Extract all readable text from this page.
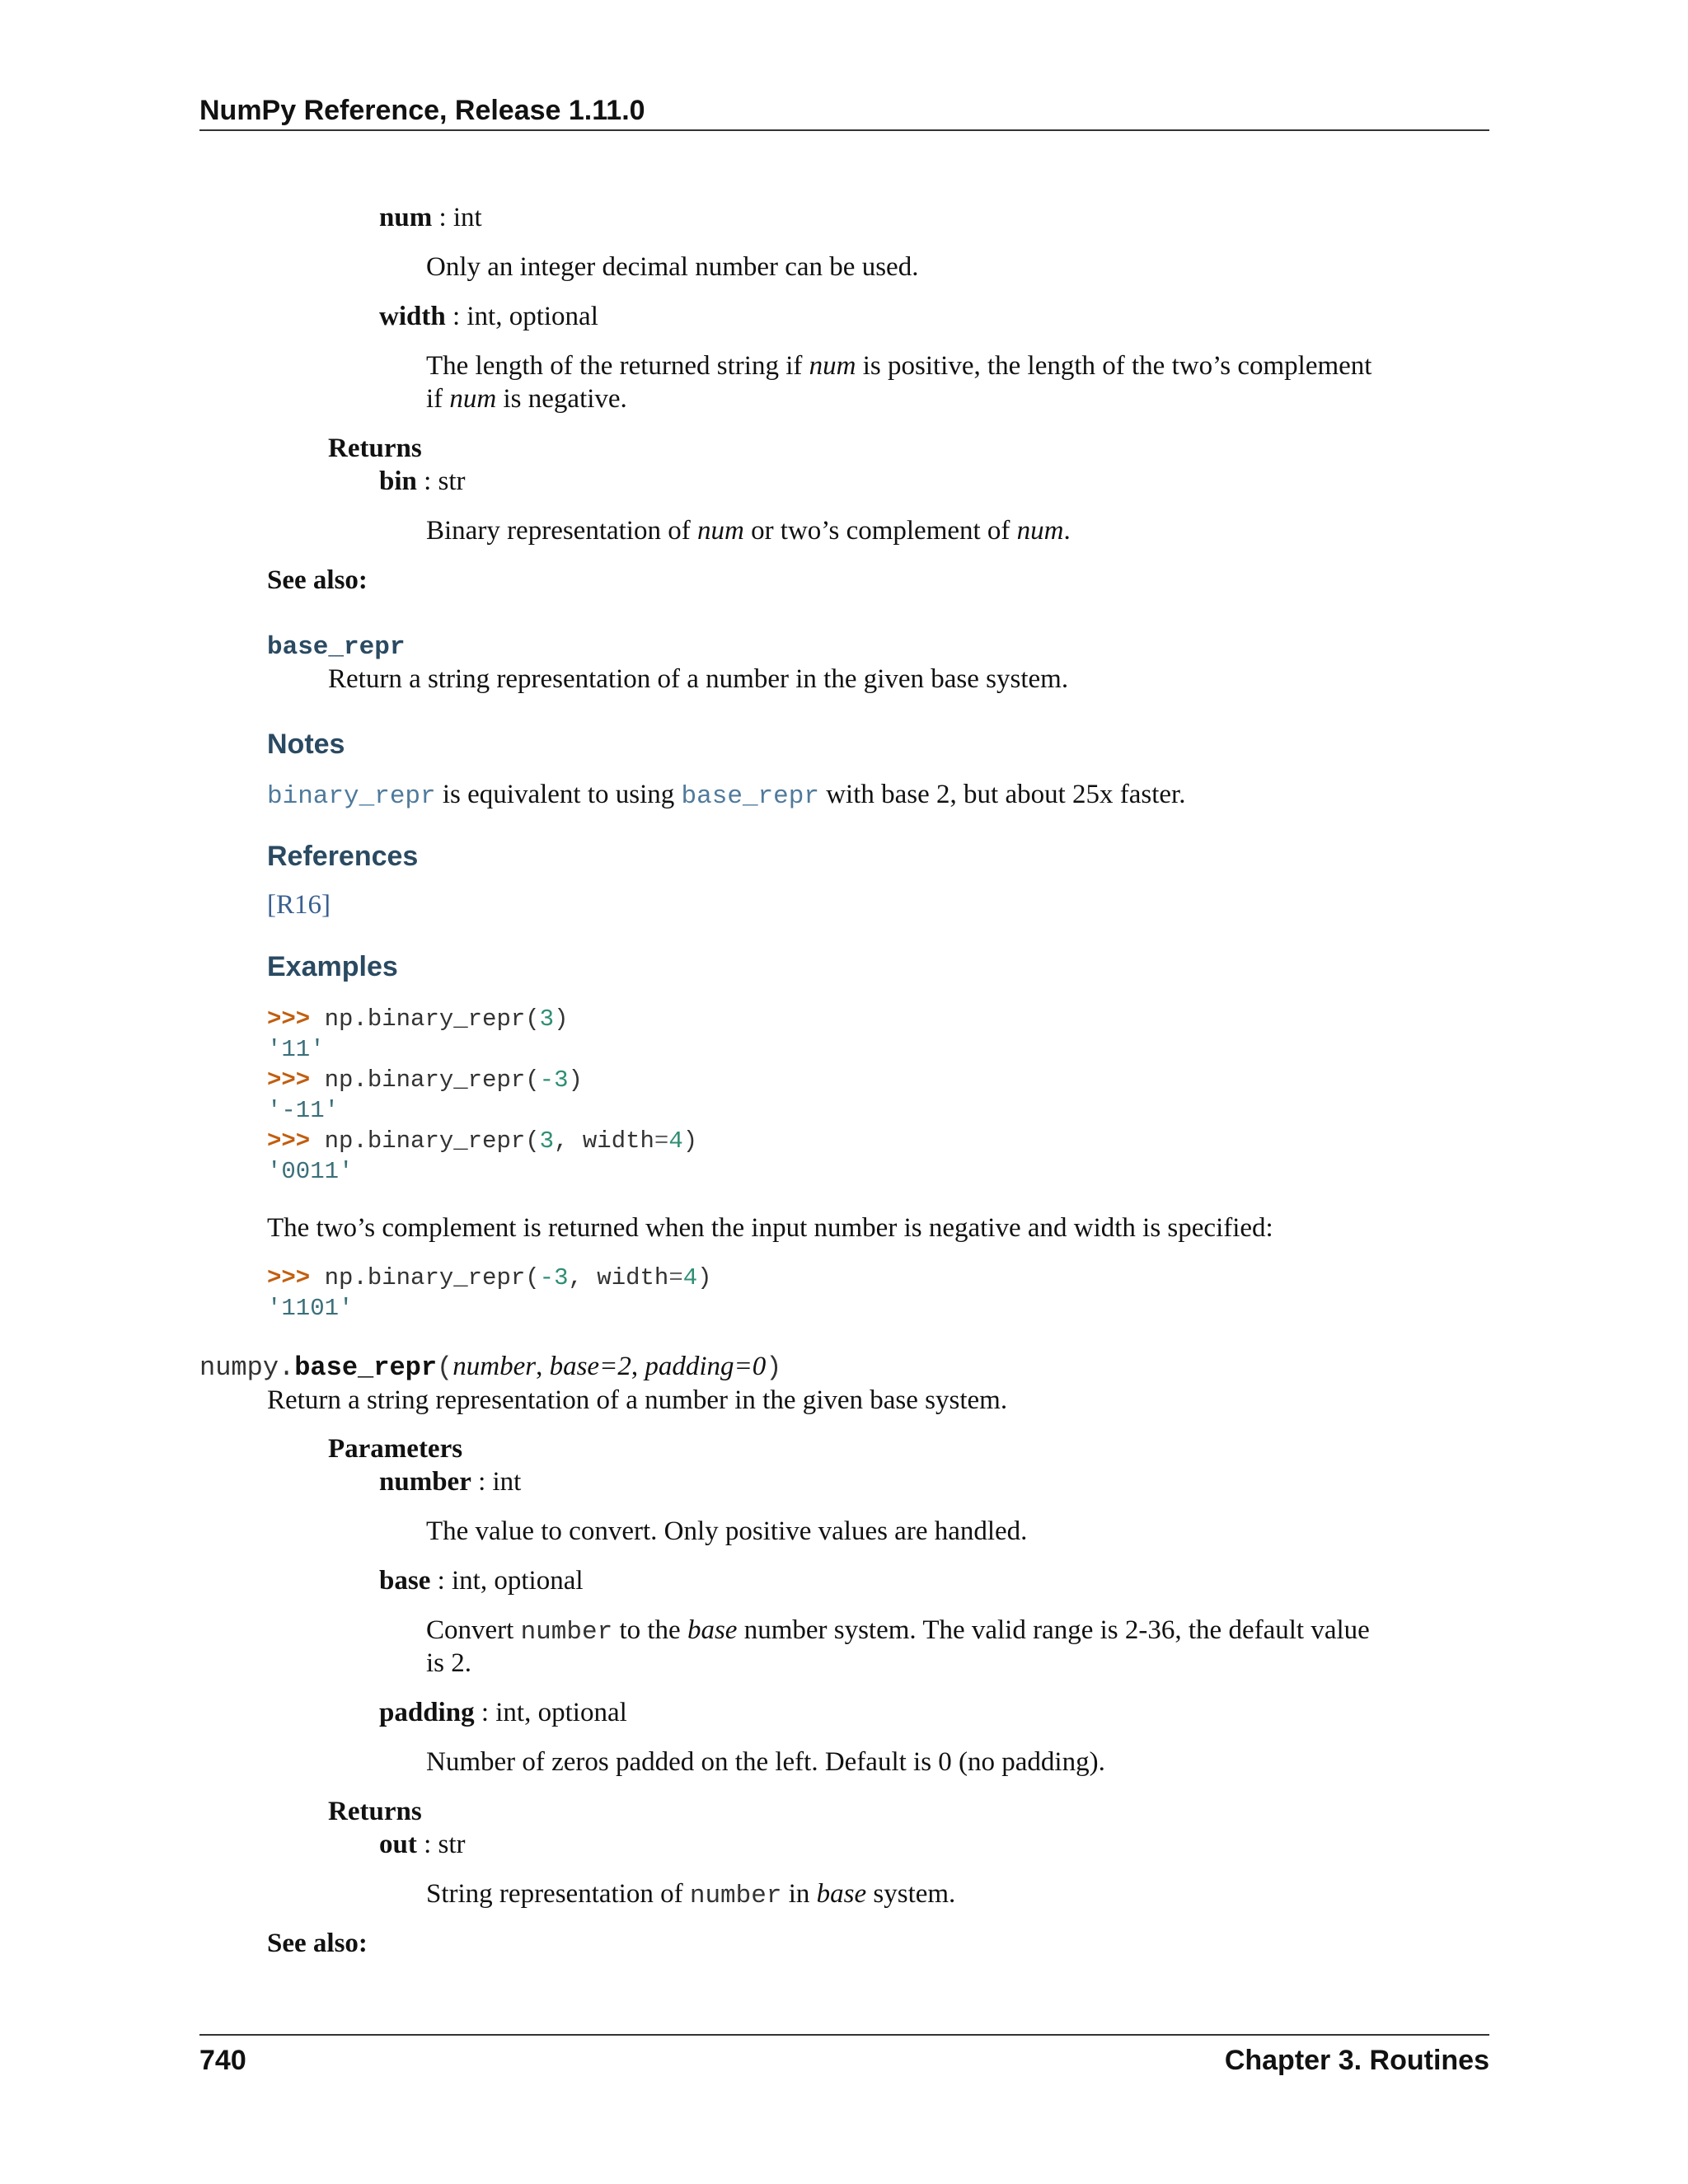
NumPy Reference, Release 1.11.0
num : int
Only an integer decimal number can be used.
width : int, optional
The length of the returned string if num is positive, the length of the two’s complement
if num is negative.
Returns
bin : str
Binary representation of num or two’s complement of num.
See also:
base_repr
Return a string representation of a number in the given base system.
Notes
binary_repr is equivalent to using base_repr with base 2, but about 25x faster.
References
[R16]
Examples
>>> np.binary_repr(3)
'11'
>>> np.binary_repr(-3)
'-11'
>>> np.binary_repr(3, width=4)
'0011'
The two’s complement is returned when the input number is negative and width is specified:
>>> np.binary_repr(-3, width=4)
'1101'
numpy.base_repr(number, base=2, padding=0)
Return a string representation of a number in the given base system.
Parameters
number : int
The value to convert. Only positive values are handled.
base : int, optional
Convert number to the base number system. The valid range is 2-36, the default value
is 2.
padding : int, optional
Number of zeros padded on the left. Default is 0 (no padding).
Returns
out : str
String representation of number in base system.
See also:
740	Chapter 3. Routines
